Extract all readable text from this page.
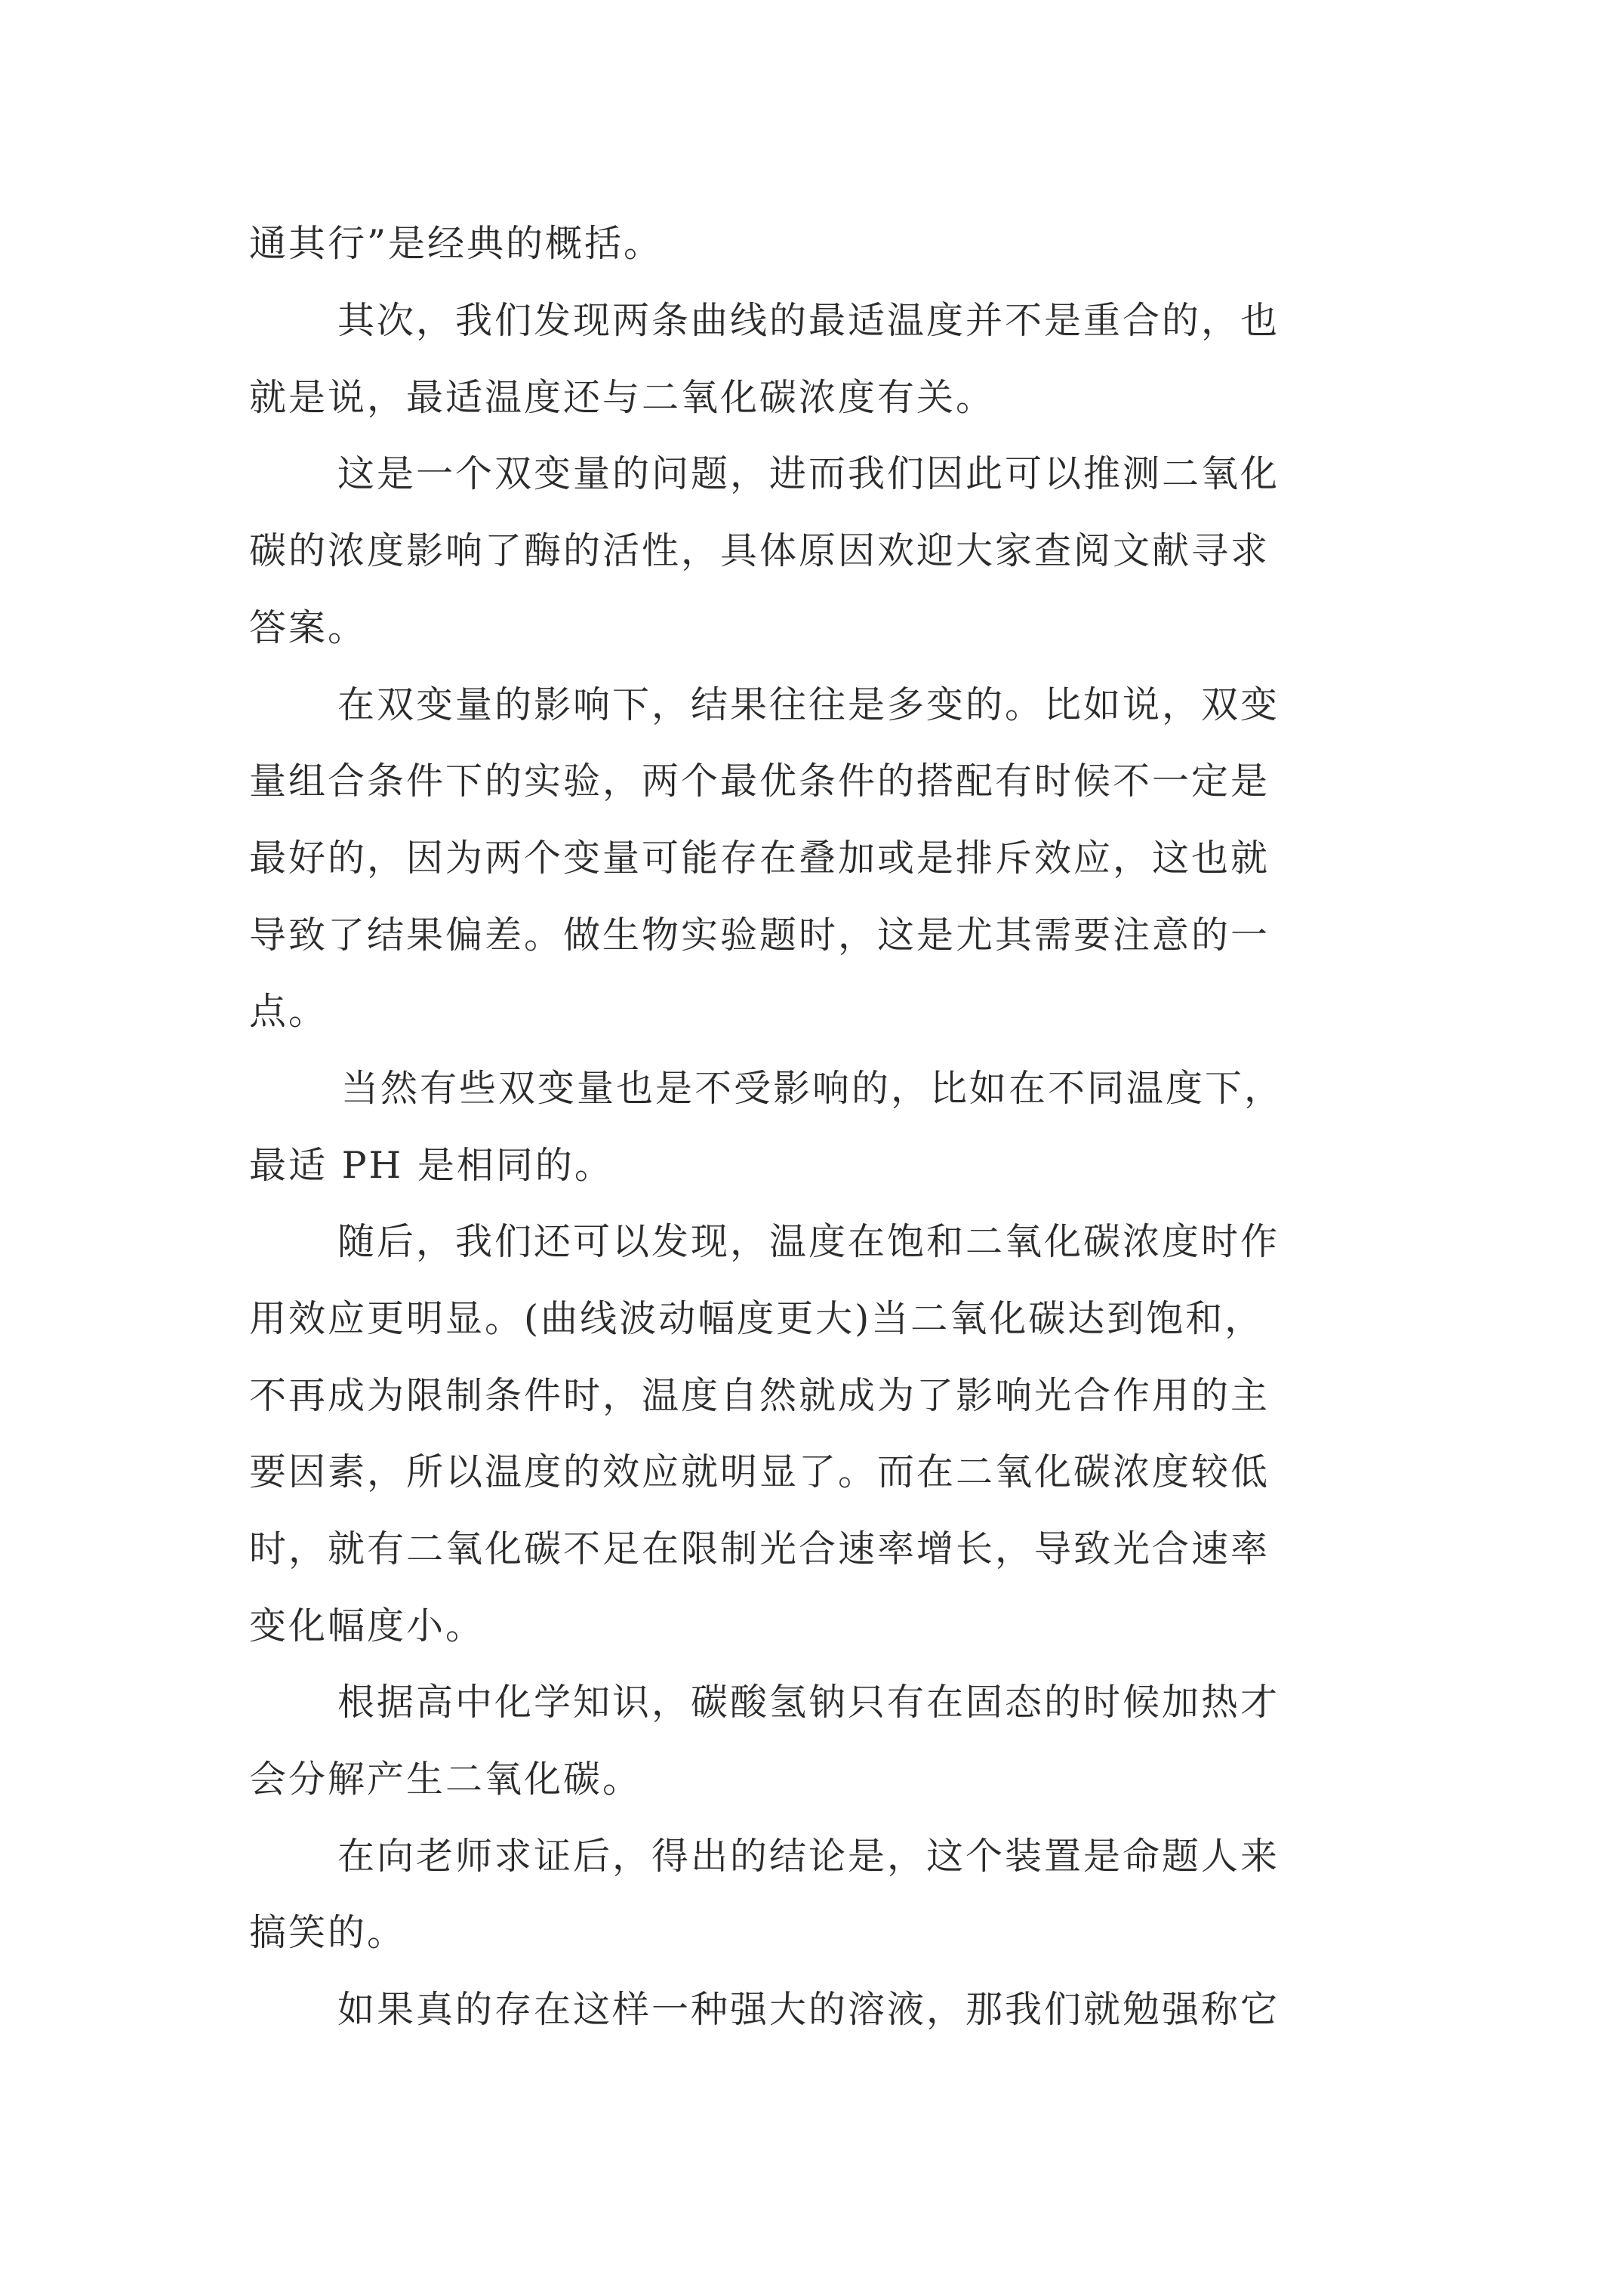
通其行”是经典的概括。
其次，我们发现两条曲线的最适温度并不是重合的，也
就是说，最适温度还与二氧化碳浓度有关。
这是一个双变量的问题，进而我们因此可以推测二氧化
碳的浓度影响了酶的活性，具体原因欢迎大家查阅文献寻求
答案。
在双变量的影响下，结果往往是多变的。比如说，双变
量组合条件下的实验，两个最优条件的搭配有时候不一定是
最好的，因为两个变量可能存在叠加或是排斥效应，这也就
导致了结果偏差。做生物实验题时，这是尤其需要注意的一
点。
当然有些双变量也是不受影响的，比如在不同温度下，
最适 PH 是相同的。
随后，我们还可以发现，温度在饱和二氧化碳浓度时作
用效应更明显。(曲线波动幅度更大)当二氧化碳达到饱和，
不再成为限制条件时，温度自然就成为了影响光合作用的主
要因素，所以温度的效应就明显了。而在二氧化碳浓度较低
时，就有二氧化碳不足在限制光合速率增长，导致光合速率
变化幅度小。
根据高中化学知识，碳酸氢钠只有在固态的时候加热才
会分解产生二氧化碳。
在向老师求证后，得出的结论是，这个装置是命题人来
搞笑的。
如果真的存在这样一种强大的溶液，那我们就勉强称它
